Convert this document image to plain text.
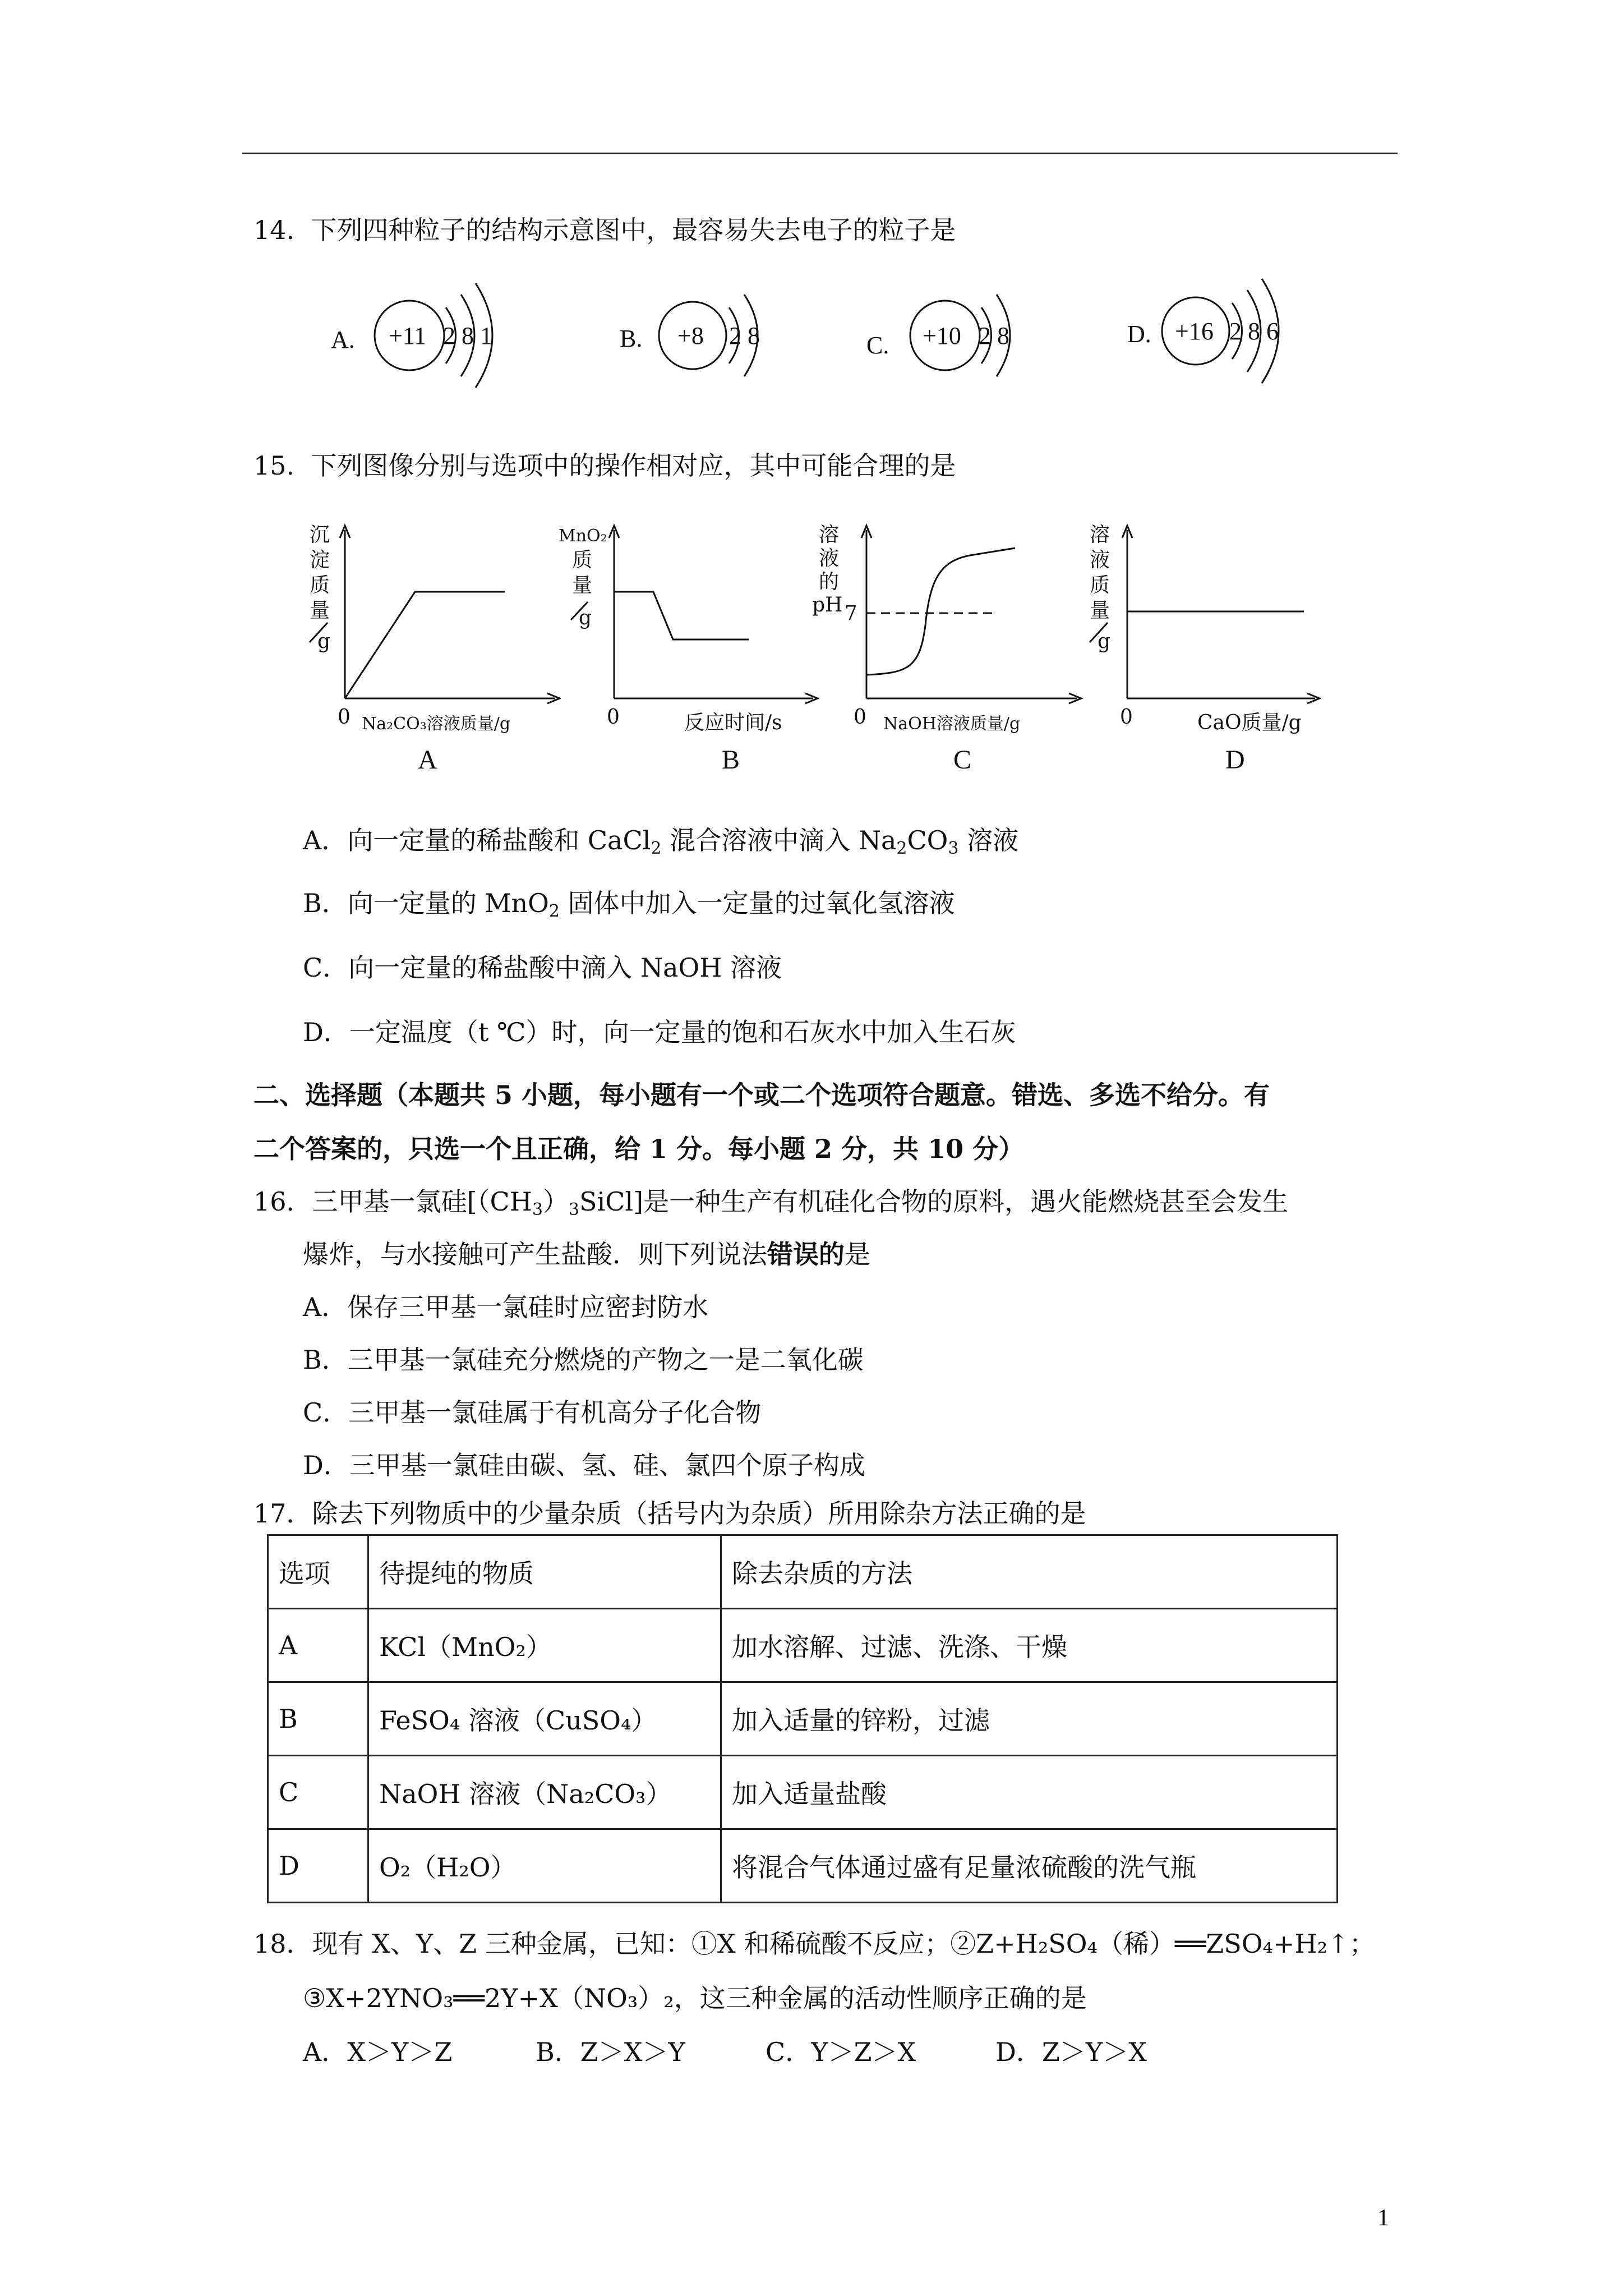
14. 下列四种粒子的结构示意图中，最容易失去电子的粒子是
A. +11 2 8 1	B. +8 2 8	C. +10 2 8	D. +16 2 8 6
15. 下列图像分别与选项中的操作相对应，其中可能合理的是
沉
淀
质
量
g
0 Na₂CO₃溶液质量/g
A
MnO₂
质
量
g
0	反应时间/s
B
溶
液
的
pH 7
0 NaOH溶液质量/g
C
溶
液
质
量
g
0	CaO质量/g
D
A．向一定量的稀盐酸和 CaCl$_2$ 混合溶液中滴入 $Na_2CO_3$ 溶液
B．向一定量的 MnO$_2$ 固体中加入一定量的过氧化氢溶液
C．向一定量的稀盐酸中滴入 NaOH 溶液
D．一定温度（t ℃）时，向一定量的饱和石灰水中加入生石灰
二、选择题（本题共 5 小题，每小题有一个或二个选项符合题意。错选、多选不给分。有
二个答案的，只选一个且正确，给 1 分。每小题 2 分，共 10 分）
16．三甲基一氯硅$[(CH_3)_3SiCl]$是一种生产有机硅化合物的原料，遇火能燃烧甚至会发生
爆炸，与水接触可产生盐酸．则下列说法错误的是
A．保存三甲基一氯硅时应密封防水
B．三甲基一氯硅充分燃烧的产物之一是二氧化碳
C．三甲基一氯硅属于有机高分子化合物
D．三甲基一氯硅由碳、氢、硅、氯四个原子构成
17．除去下列物质中的少量杂质（括号内为杂质）所用除杂方法正确的是
选项	待提纯的物质	除去杂质的方法
A	KCl（MnO₂）	加水溶解、过滤、洗涤、干燥
B	FeSO₄ 溶液（CuSO₄）	加入适量的锌粉，过滤
C	NaOH 溶液（Na₂CO₃）	加入适量盐酸
D	O₂（H₂O）	将混合气体通过盛有足量浓硫酸的洗气瓶
18．现有 X、Y、Z 三种金属，已知：①X 和稀硫酸不反应；②Z+H₂SO₄（稀）══ZSO₄+H₂↑；
③X+2YNO₃══2Y+X（NO₃）₂，这三种金属的活动性顺序正确的是
A．X＞Y＞Z	B．Z＞X＞Y	C．Y＞Z＞X	D．Z＞Y＞X
1
